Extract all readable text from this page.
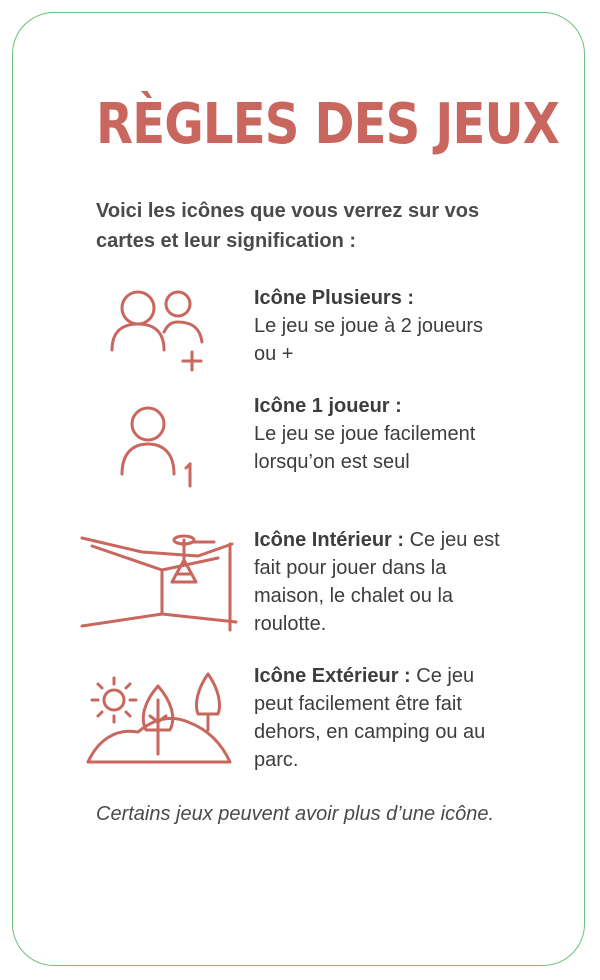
RÈGLES DES JEUX

Voici les icônes que vous verrez sur vos cartes et leur signification :

Icône Plusieurs :
Le jeu se joue à 2 joueurs ou +

Icône 1 joueur :
Le jeu se joue facilement lorsqu’on est seul

Icône Intérieur : Ce jeu est fait pour jouer dans la maison, le chalet ou la roulotte.

Icône Extérieur : Ce jeu peut facilement être fait dehors, en camping ou au parc.

Certains jeux peuvent avoir plus d’une icône.
